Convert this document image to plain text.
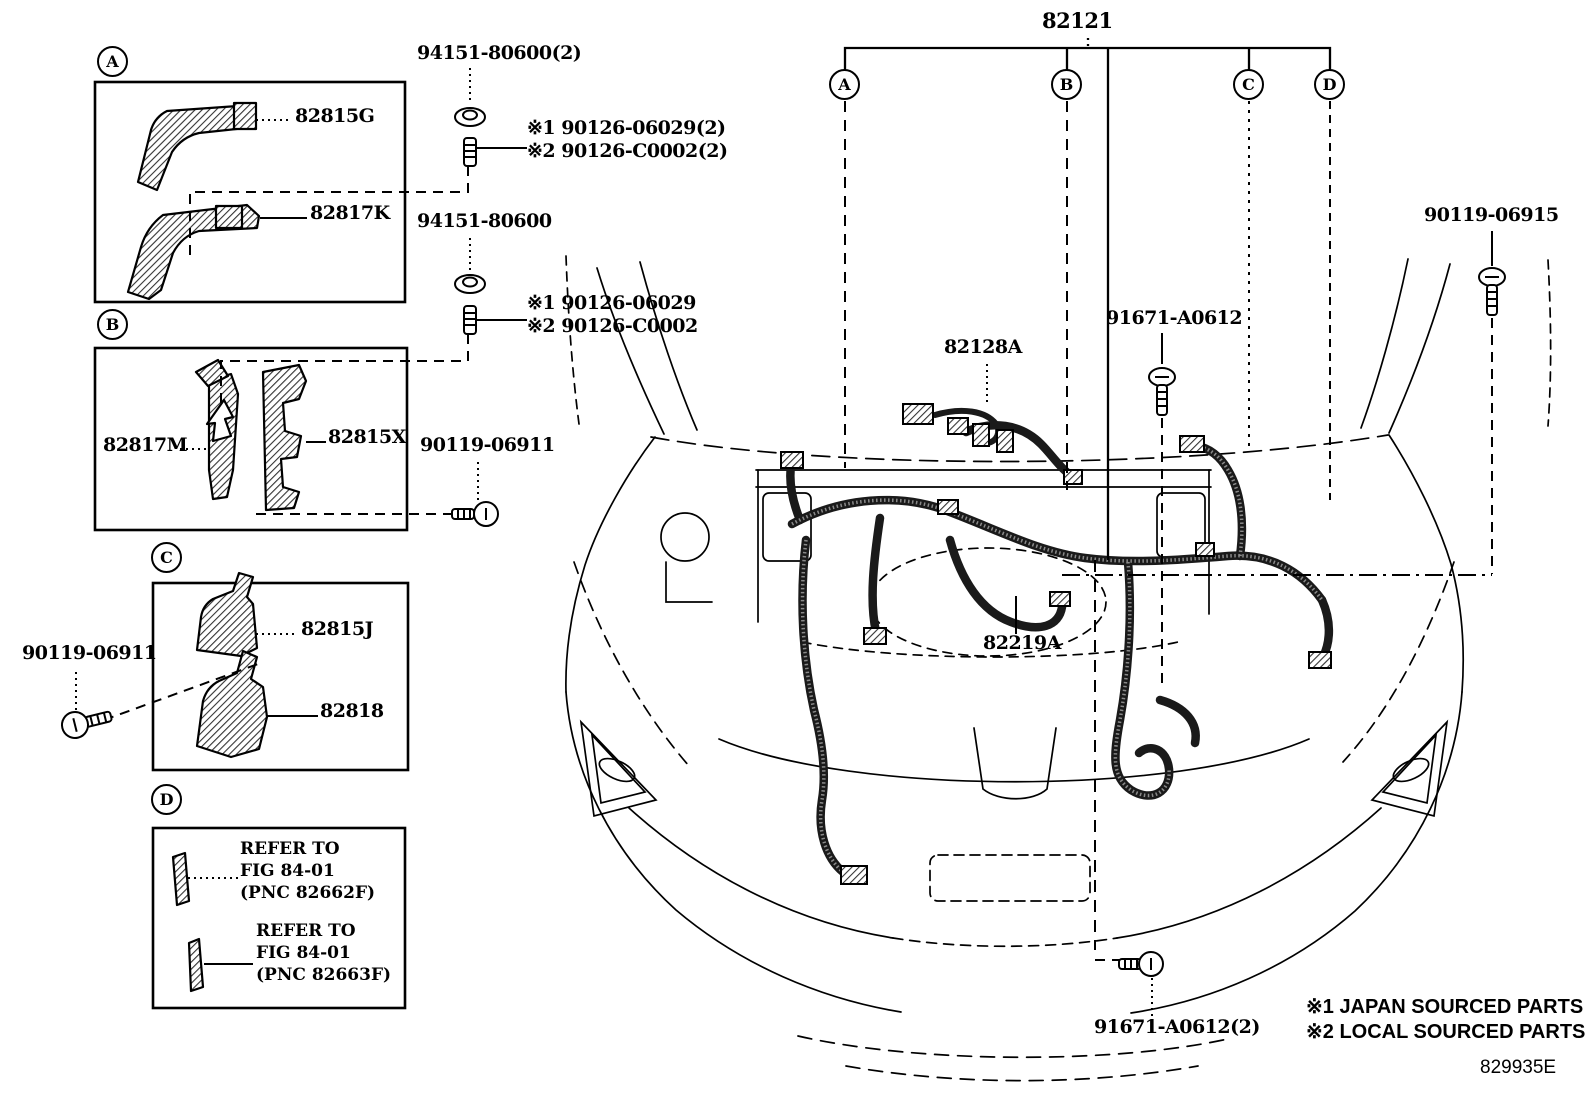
A	B	C	D
A
B
C
D
82121
94151-80600(2)
※1 90126-06029(2)
※2 90126-C0002(2)
94151-80600
※1 90126-06029
※2 90126-C0002
82815G
82817K
82817M	82815X 90119-06911
82815J
82818
90119-06911
REFER TO
FIG 84-01
(PNC 82662F)
REFER TO
FIG 84-01
(PNC 82663F)
82128A
91671-A0612
90119-06915
82219A
91671-A0612(2)
※1 JAPAN SOURCED PARTS
※2 LOCAL SOURCED PARTS
829935E
